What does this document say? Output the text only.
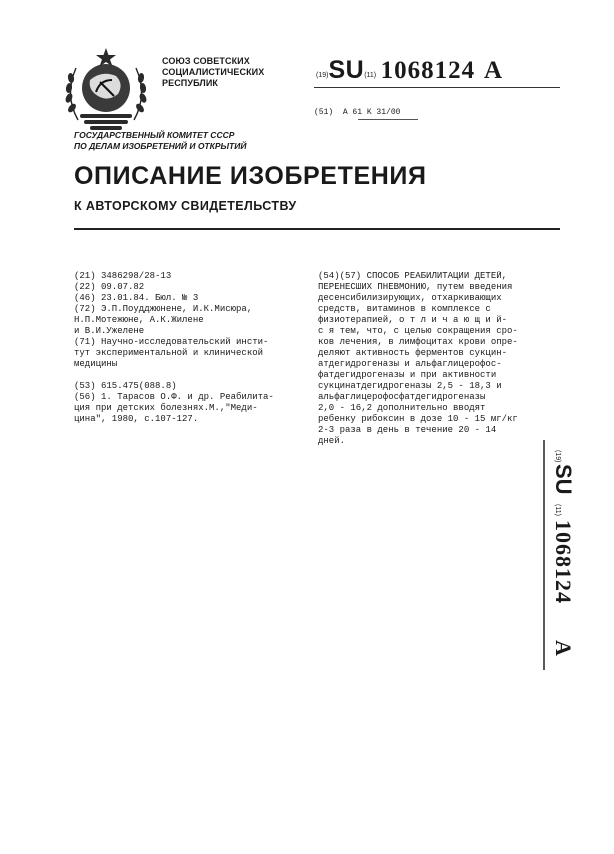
СОЮЗ СОВЕТСКИХ
СОЦИАЛИСТИЧЕСКИХ
РЕСПУБЛИК
(19)SU(11) 1068124 A
(51) A 61 K 31/00
ГОСУДАРСТВЕННЫЙ КОМИТЕТ СССР
ПО ДЕЛАМ ИЗОБРЕТЕНИЙ И ОТКРЫТИЙ
ОПИСАНИЕ ИЗОБРЕТЕНИЯ
К АВТОРСКОМУ СВИДЕТЕЛЬСТВУ
(21) 3486298/28-13
(22) 09.07.82
(46) 23.01.84. Бюл. № 3
(72) Э.П.Поудджюнене, И.К.Мисюра,
Н.П.Мотежюне, А.К.Жилене
и В.И.Ужелене
(71) Научно-исследовательский инсти-
тут экспериментальной и клинической
медицины

(53) 615.475(088.8)
(56) 1. Тарасов О.Ф. и др. Реабилита-
ция при детских болезнях.М.,"Меди-
цина", 1980, с.107-127.
(54)(57) СПОСОБ РЕАБИЛИТАЦИИ ДЕТЕЙ,
ПЕРЕНЕСШИХ ПНЕВМОНИЮ, путем введения
десенсибилизирующих, отхаркивающих
средств, витаминов в комплексе с
физиотерапией, о т л и ч а ю щ и й-
с я тем, что, с целью сокращения сро-
ков лечения, в лимфоцитах крови опре-
деляют активность ферментов сукцин-
атдегидрогеназы и альфаглицерофос-
фатдегидрогеназы и при активности
сукцинатдегидрогеназы 2,5 - 18,3 и
альфаглицерофосфатдегидрогеназы
2,0 - 16,2 дополнительно вводят
ребенку рибоксин в дозе 10 - 15 мг/кг
2-3 раза в день в течение 20 - 14
дней.
(19)
SU
(11)
1068124
A
